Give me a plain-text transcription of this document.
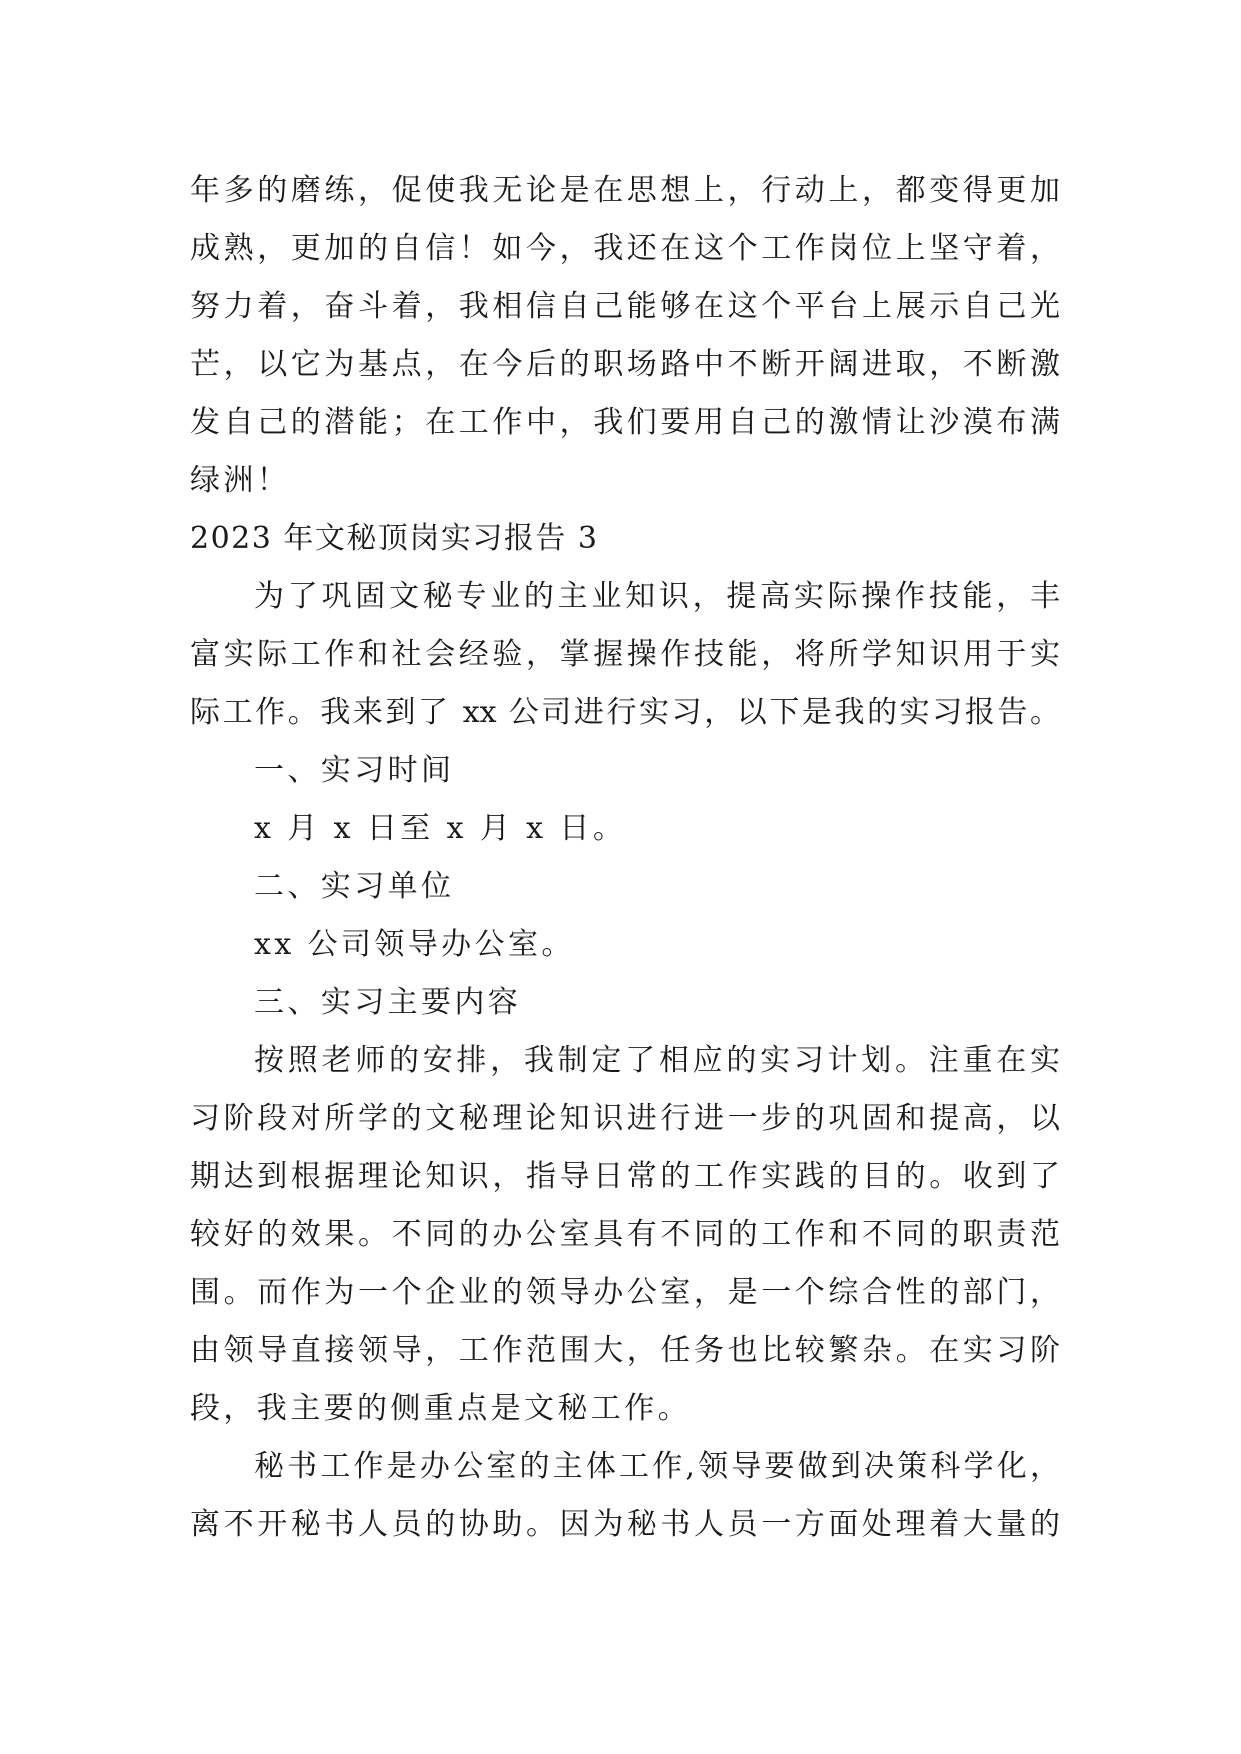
年多的磨练，促使我无论是在思想上，行动上，都变得更加
成熟，更加的自信！如今，我还在这个工作岗位上坚守着，
努力着，奋斗着，我相信自己能够在这个平台上展示自己光
芒，以它为基点，在今后的职场路中不断开阔进取，不断激
发自己的潜能；在工作中，我们要用自己的激情让沙漠布满
绿洲！
2023 年文秘顶岗实习报告 3
为了巩固文秘专业的主业知识，提高实际操作技能，丰
富实际工作和社会经验，掌握操作技能，将所学知识用于实
际工作。我来到了 xx 公司进行实习，以下是我的实习报告。
一、实习时间
x 月 x 日至 x 月 x 日。
二、实习单位
xx 公司领导办公室。
三、实习主要内容
按照老师的安排，我制定了相应的实习计划。注重在实
习阶段对所学的文秘理论知识进行进一步的巩固和提高，以
期达到根据理论知识，指导日常的工作实践的目的。收到了
较好的效果。不同的办公室具有不同的工作和不同的职责范
围。而作为一个企业的领导办公室，是一个综合性的部门，
由领导直接领导，工作范围大，任务也比较繁杂。在实习阶
段，我主要的侧重点是文秘工作。
秘书工作是办公室的主体工作,领导要做到决策科学化，
离不开秘书人员的协助。因为秘书人员一方面处理着大量的
